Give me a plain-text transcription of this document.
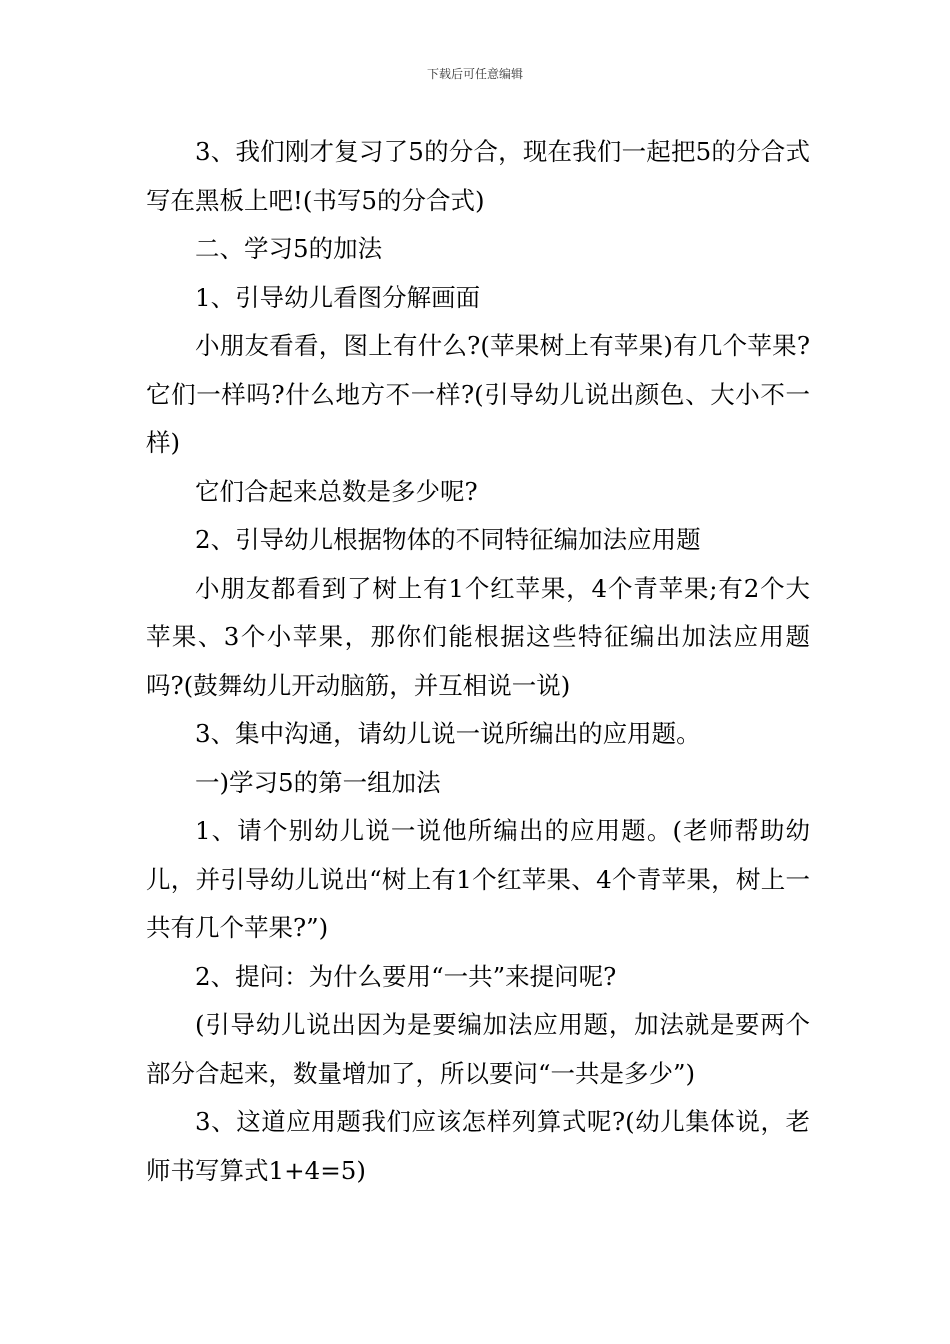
下载后可任意编辑

3、我们刚才复习了5的分合，现在我们一起把5的分合式写在黑板上吧!(书写5的分合式)

二、学习5的加法

1、引导幼儿看图分解画面

小朋友看看，图上有什么?(苹果树上有苹果)有几个苹果?它们一样吗?什么地方不一样?(引导幼儿说出颜色、大小不一样)

它们合起来总数是多少呢?

2、引导幼儿根据物体的不同特征编加法应用题

小朋友都看到了树上有1个红苹果，4个青苹果;有2个大苹果、3个小苹果，那你们能根据这些特征编出加法应用题吗?(鼓舞幼儿开动脑筋，并互相说一说)

3、集中沟通，请幼儿说一说所编出的应用题。

一)学习5的第一组加法

1、请个别幼儿说一说他所编出的应用题。(老师帮助幼儿，并引导幼儿说出“树上有1个红苹果、4个青苹果，树上一共有几个苹果?”)

2、提问：为什么要用“一共”来提问呢?

(引导幼儿说出因为是要编加法应用题，加法就是要两个部分合起来，数量增加了，所以要问“一共是多少”)

3、这道应用题我们应该怎样列算式呢?(幼儿集体说，老师书写算式1+4=5)
